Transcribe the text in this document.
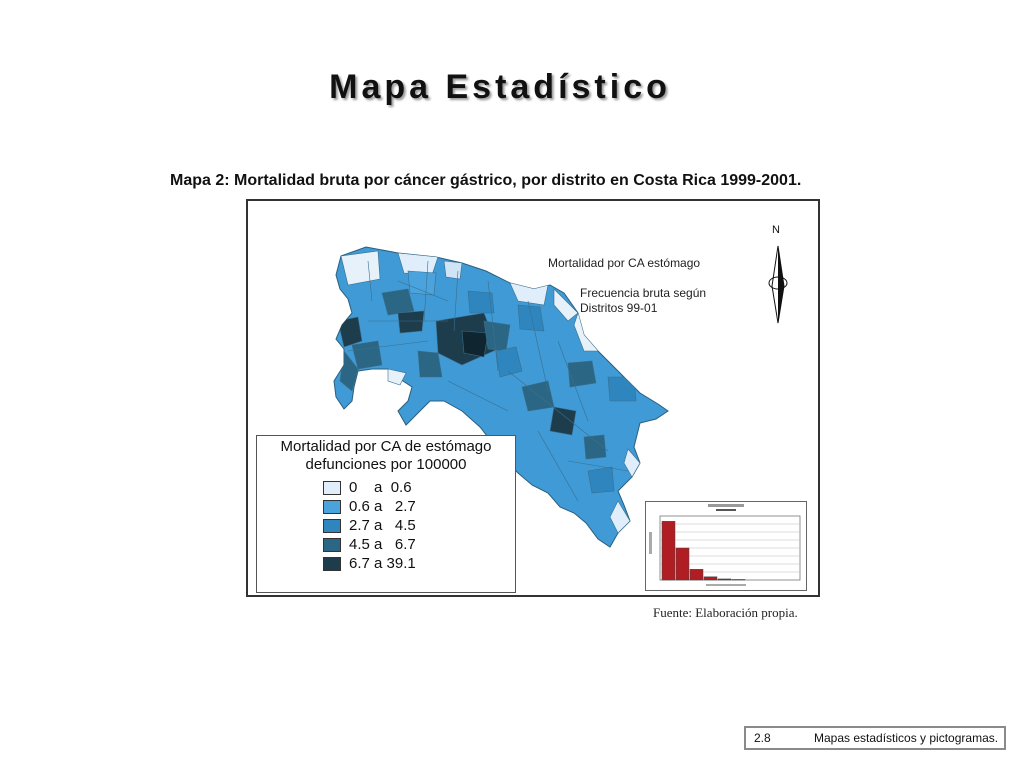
Mapa Estadístico
Mapa 2: Mortalidad bruta por cáncer gástrico, por distrito en Costa Rica 1999-2001.
N
Mortalidad por CA estómago
Frecuencia bruta según Distritos 99-01
Mortalidad por CA de estómago
defunciones por 100000
0    a  0.6
0.6 a   2.7
2.7 a   4.5
4.5 a   6.7
6.7 a 39.1
Fuente: Elaboración propia.
2.8	Mapas estadísticos y pictogramas.
